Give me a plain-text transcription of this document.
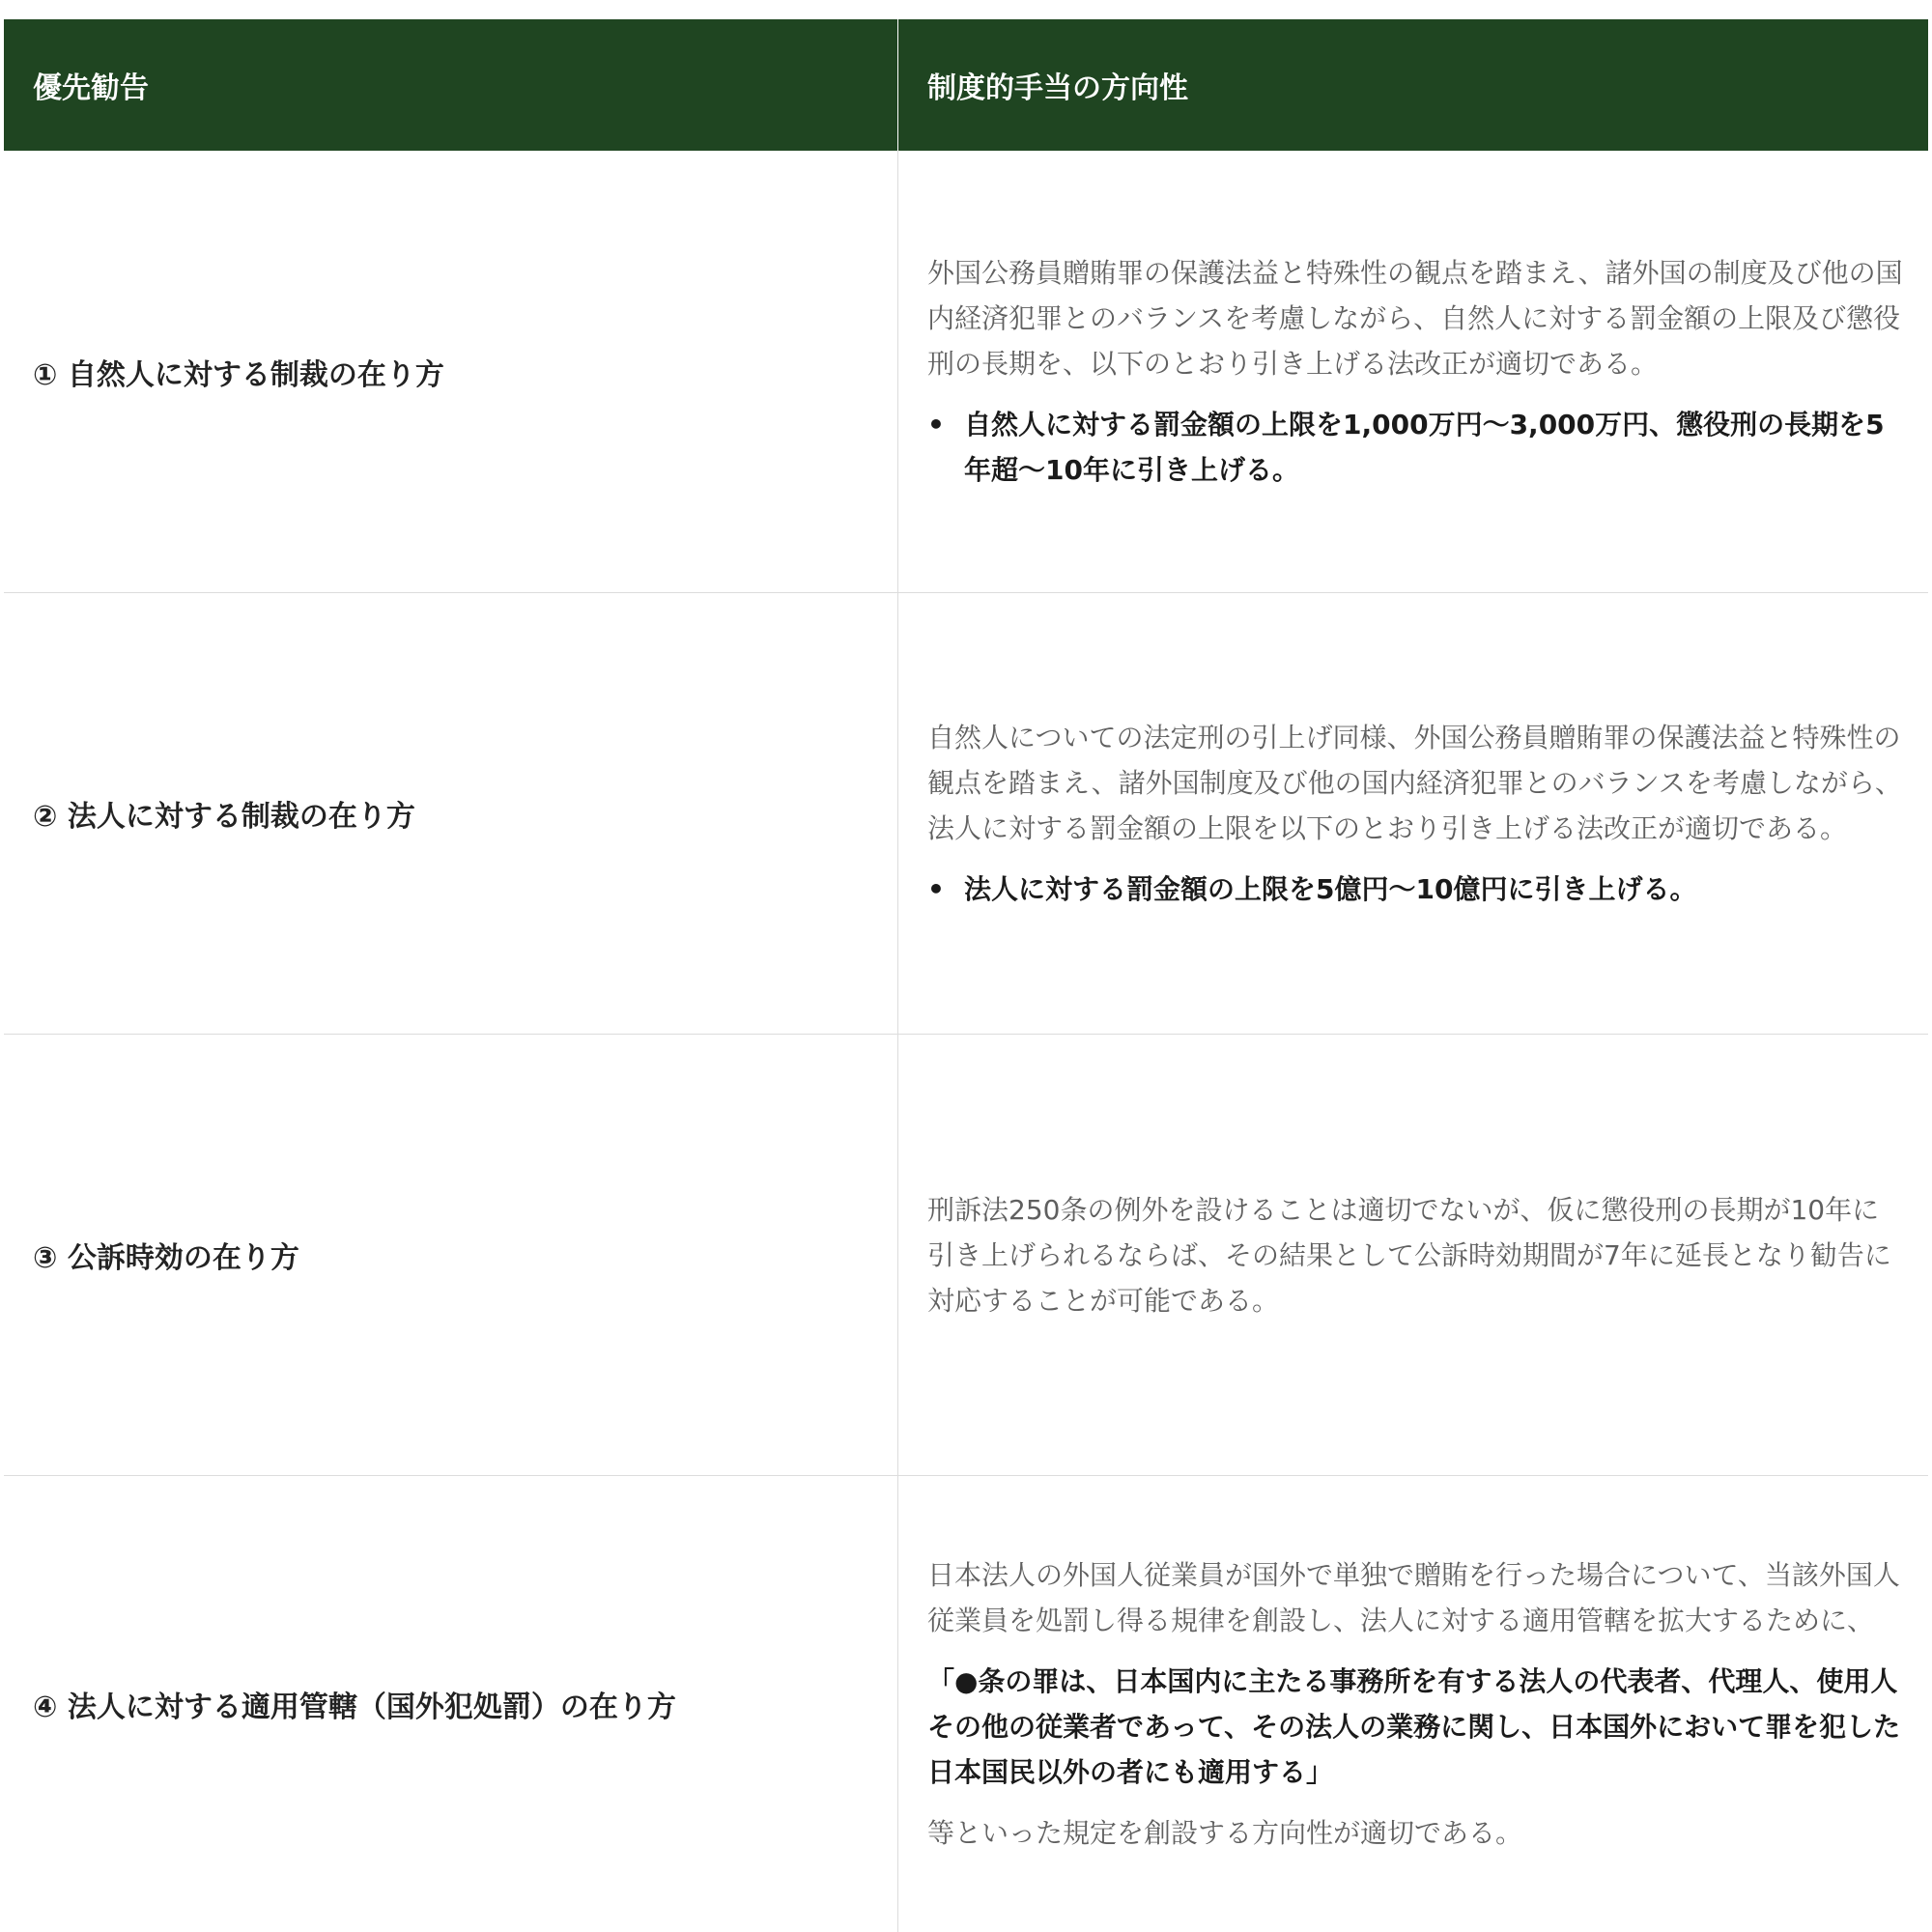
優先勧告	制度的手当の方向性
① 自然人に対する制裁の在り方

外国公務員贈賄罪の保護法益と特殊性の観点を踏まえ、諸外国の制度及び他の国内経済犯罪とのバランスを考慮しながら、自然人に対する罰金額の上限及び懲役刑の長期を、以下のとおり引き上げる法改正が適切である。

• 自然人に対する罰金額の上限を1,000万円〜3,000万円、懲役刑の長期を5年超〜10年に引き上げる。
② 法人に対する制裁の在り方

自然人についての法定刑の引上げ同様、外国公務員贈賄罪の保護法益と特殊性の観点を踏まえ、諸外国制度及び他の国内経済犯罪とのバランスを考慮しながら、法人に対する罰金額の上限を以下のとおり引き上げる法改正が適切である。

• 法人に対する罰金額の上限を5億円〜10億円に引き上げる。
③ 公訴時効の在り方

刑訴法250条の例外を設けることは適切でないが、仮に懲役刑の長期が10年に引き上げられるならば、その結果として公訴時効期間が7年に延長となり勧告に対応することが可能である。

④ 法人に対する適用管轄（国外犯処罰）の在り方

日本法人の外国人従業員が国外で単独で贈賄を行った場合について、当該外国人従業員を処罰し得る規律を創設し、法人に対する適用管轄を拡大するために、

「●条の罪は、日本国内に主たる事務所を有する法人の代表者、代理人、使用人その他の従業者であって、その法人の業務に関し、日本国外において罪を犯した日本国民以外の者にも適用する」

等といった規定を創設する方向性が適切である。
